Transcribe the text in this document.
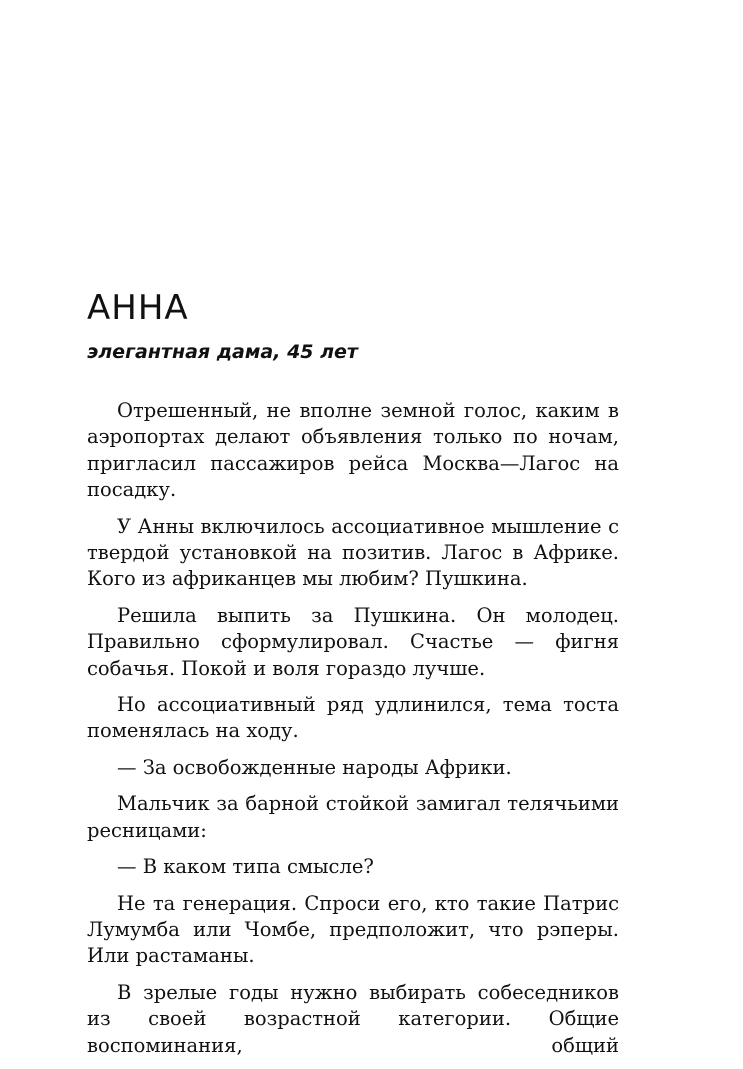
АННА
элегантная дама, 45 лет

Отрешенный, не вполне земной голос, каким в аэропортах делают объявления только по ночам, пригласил пассажиров рейса Москва—Лагос на посадку.

У Анны включилось ассоциативное мышление с твердой установкой на позитив. Лагос в Африке. Кого из африканцев мы любим? Пушкина.

Решила выпить за Пушкина. Он молодец. Правильно сформулировал. Счастье — фигня собачья. Покой и воля гораздо лучше.

Но ассоциативный ряд удлинился, тема тоста поменялась на ходу.

— За освобожденные народы Африки.

Мальчик за барной стойкой замигал телячьими ресницами:

— В каком типа смысле?

Не та генерация. Спроси его, кто такие Патрис Лумумба или Чомбе, предположит, что рэперы. Или растаманы.

В зрелые годы нужно выбирать собеседников из своей возрастной категории. Общие воспоминания, общий
